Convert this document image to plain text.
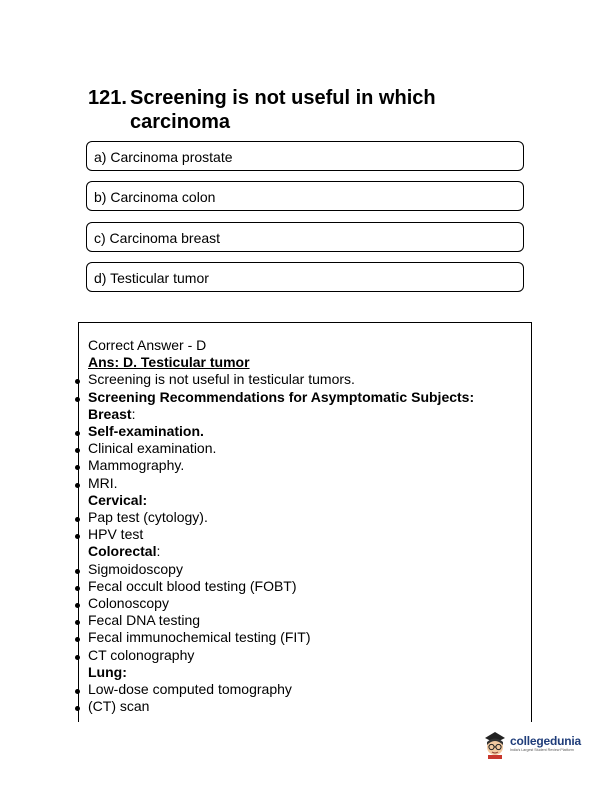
121. Screening is not useful in which carcinoma
a) Carcinoma prostate
b) Carcinoma colon
c) Carcinoma breast
d) Testicular tumor
Correct Answer - D
Ans: D. Testicular tumor
Screening is not useful in testicular tumors.
Screening Recommendations for Asymptomatic Subjects:
Breast:
Self-examination.
Clinical examination.
Mammography.
MRI.
Cervical:
Pap test (cytology).
HPV test
Colorectal:
Sigmoidoscopy
Fecal occult blood testing (FOBT)
Colonoscopy
Fecal DNA testing
Fecal immunochemical testing (FIT)
CT colonography
Lung:
Low-dose computed tomography
(CT) scan
collegedunia
India's Largest Student Review Platform
